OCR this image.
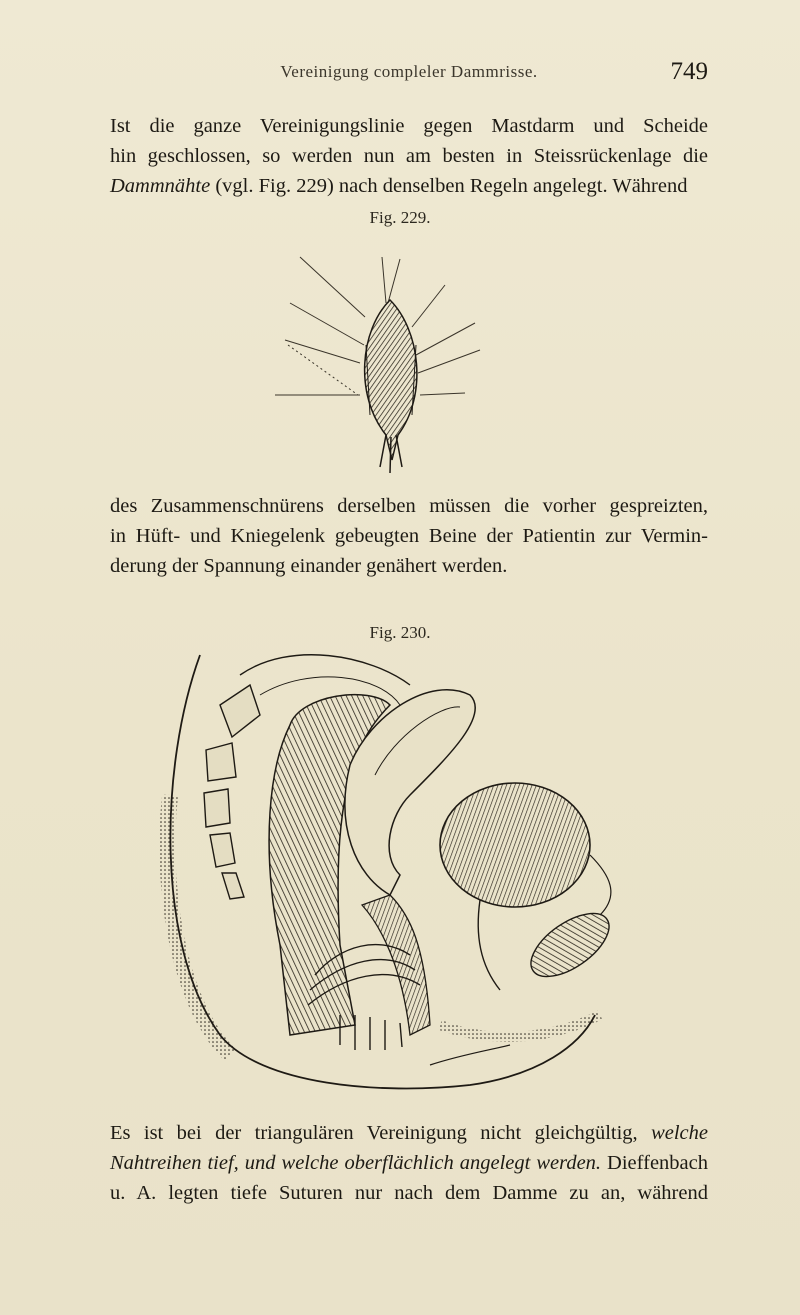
Vereinigung compleler Dammrisse.	749

Ist die ganze Vereinigungslinie gegen Mastdarm und Scheide
hin geschlossen, so werden nun am besten in Steissrückenlage die
Dammnähte (vgl. Fig. 229) nach denselben Regeln angelegt. Während

Fig. 229.

des Zusammenschnürens derselben müssen die vorher gespreizten,
in Hüft- und Kniegelenk gebeugten Beine der Patientin zur Vermin-
derung der Spannung einander genähert werden.

Fig. 230.

Es ist bei der triangulären Vereinigung nicht gleichgültig, welche
Nahtreihen tief, und welche oberflächlich angelegt werden. Dieffenbach
u. A. legten tiefe Suturen nur nach dem Damme zu an, während
